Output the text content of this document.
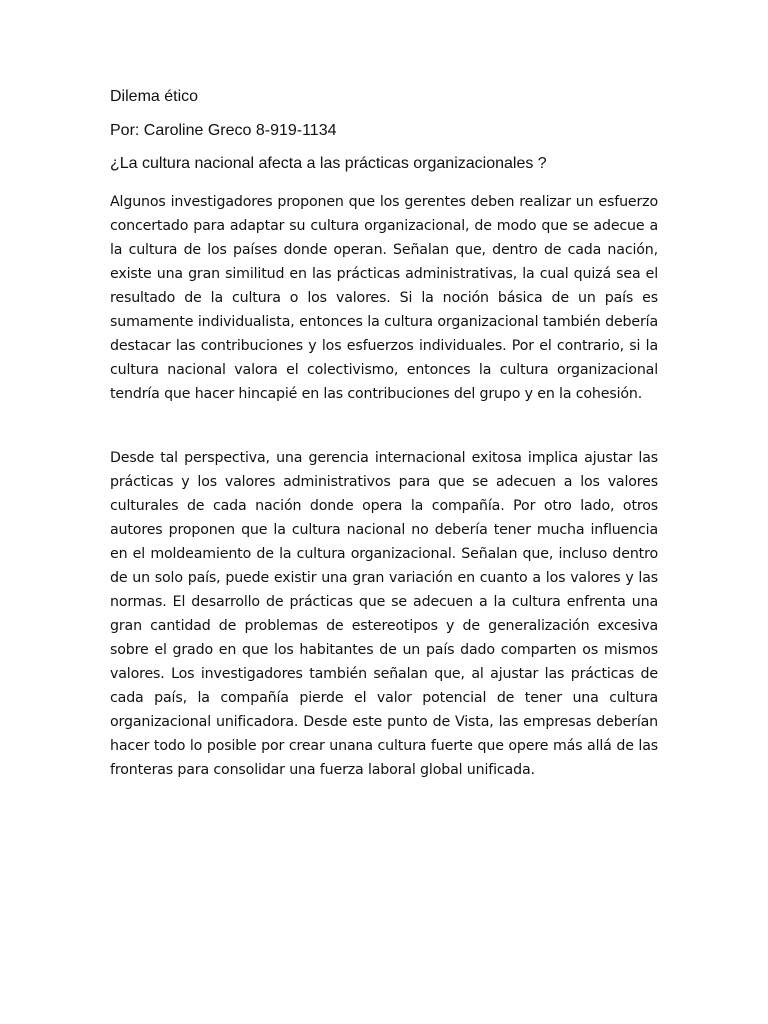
Dilema ético
Por: Caroline Greco 8-919-1134
¿La cultura nacional afecta a las prácticas organizacionales ?

Algunos investigadores proponen que los gerentes deben realizar un esfuerzo concertado para adaptar su cultura organizacional, de modo que se adecue a la cultura de los países donde operan. Señalan que, dentro de cada nación, existe una gran similitud en las prácticas administrativas, la cual quizá sea el resultado de la cultura o los valores. Si la noción básica de un país es sumamente individualista, entonces la cultura organizacional también debería destacar las contribuciones y los esfuerzos individuales. Por el contrario, si la cultura nacional valora el colectivismo, entonces la cultura organizacional tendría que hacer hincapié en las contribuciones del grupo y en la cohesión.

Desde tal perspectiva, una gerencia internacional exitosa implica ajustar las prácticas y los valores administrativos para que se adecuen a los valores culturales de cada nación donde opera la compañía. Por otro lado, otros autores proponen que la cultura nacional no debería tener mucha influencia en el moldeamiento de la cultura organizacional. Señalan que, incluso dentro de un solo país, puede existir una gran variación en cuanto a los valores y las normas. El desarrollo de prácticas que se adecuen a la cultura enfrenta una gran cantidad de problemas de estereotipos y de generalización excesiva sobre el grado en que los habitantes de un país dado comparten os mismos valores. Los investigadores también señalan que, al ajustar las prácticas de cada país, la compañía pierde el valor potencial de tener una cultura organizacional unificadora. Desde este punto de Vista, las empresas deberían hacer todo lo posible por crear unana cultura fuerte que opere más allá de las fronteras para consolidar una fuerza laboral global unificada.
